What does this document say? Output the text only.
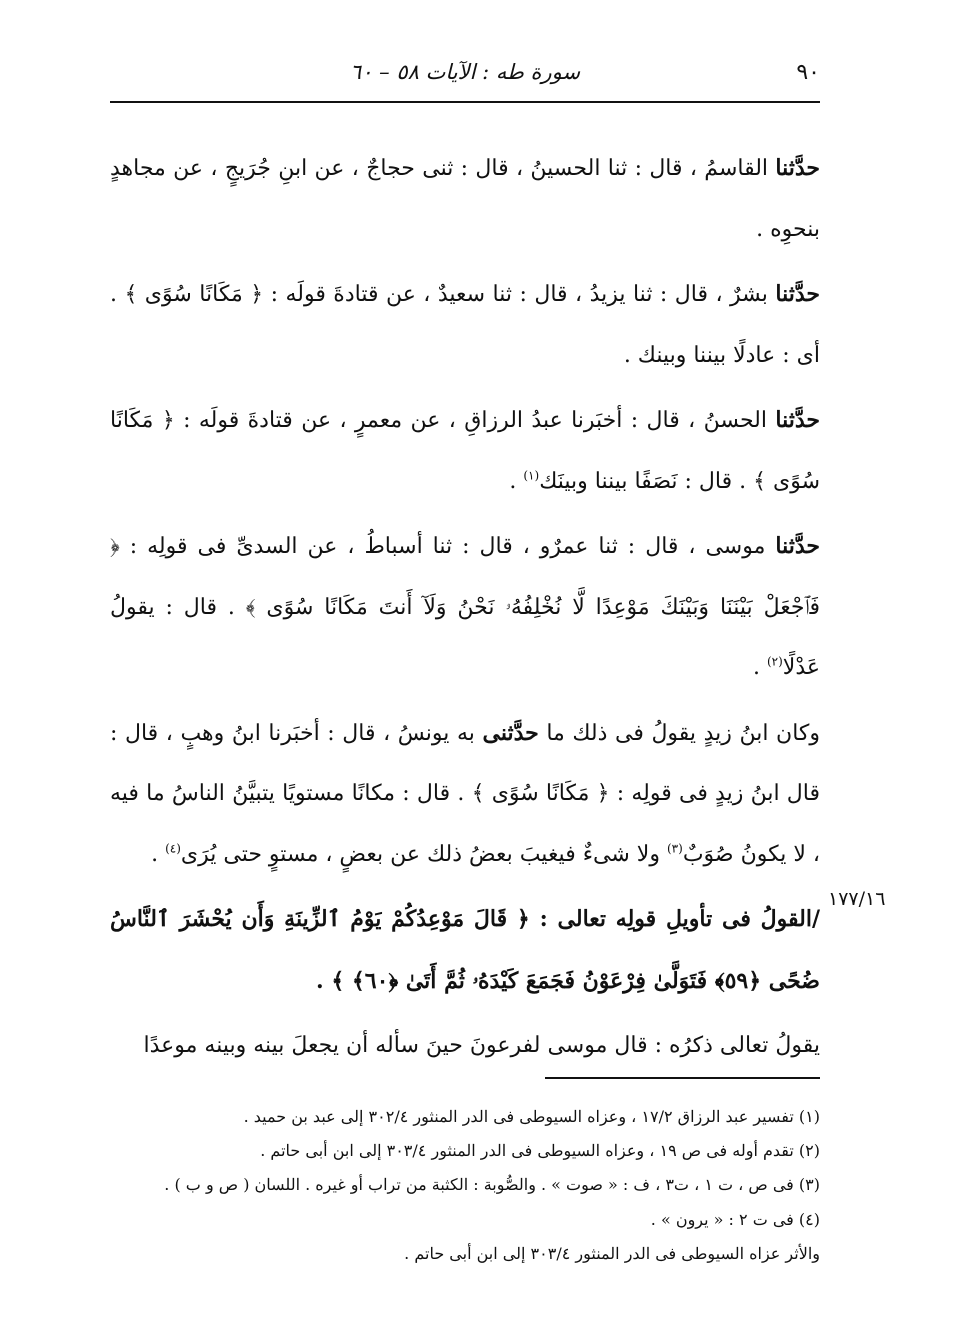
٩٠
سورة طه : الآيات ٥٨ – ٦٠
١٧٧/١٦

حدَّثنا القاسمُ ، قال : ثنا الحسينُ ، قال : ثنى حجاجٌ ، عن ابنِ جُرَيجٍ ، عن مجاهدٍ بنحوِه .

حدَّثنا بشرٌ ، قال : ثنا يزيدُ ، قال : ثنا سعيدٌ ، عن قتادةَ قولَه : ﴿ مَكَانًا سُوًى ﴾ . أى : عادلًا بيننا وبينك .

حدَّثنا الحسنُ ، قال : أخبَرنا عبدُ الرزاقِ ، عن معمرٍ ، عن قتادةَ قولَه : ﴿ مَكَانًا سُوًى ﴾ . قال : نَصَفًا بيننا وبينَك$^{(١)}$ .

حدَّثنا موسى ، قال : ثنا عمرٌو ، قال : ثنا أسباطُ ، عن السدىِّ فى قولِه : ﴿ فَٱجْعَلْ بَيْنَنَا وَبَيْنَكَ مَوْعِدًا لَّا نُخْلِفُهُۥ نَحْنُ وَلَآ أَنتَ مَكَانًا سُوًى ﴾ . قال : يقولُ عَدْلًا$^{(٢)}$ .

وكان ابنُ زيدٍ يقولُ فى ذلك ما حدَّثنى به يونسُ ، قال : أخبَرنا ابنُ وهبٍ ، قال : قال ابنُ زيدٍ فى قولِه : ﴿ مَكَانًا سُوًى ﴾ . قال : مكانًا مستويًا يتبيَّنُ الناسُ ما فيه ، لا يكونُ صُوَبٌ$^{(٣)}$ ولا شىءٌ فيغيبَ بعضُ ذلك عن بعضٍ ، مستوٍ حتى يُرَى$^{(٤)}$ .

/القولُ فى تأويلِ قولِه تعالى : ﴿ قَالَ مَوْعِدُكُمْ يَوْمُ ٱلزِّينَةِ وَأَن يُحْشَرَ ٱلنَّاسُ ضُحًى ﴿٥٩﴾ فَتَوَلَّىٰ فِرْعَوْنُ فَجَمَعَ كَيْدَهُۥ ثُمَّ أَتَىٰ ﴿٦٠﴾ ﴾ .

يقولُ تعالى ذكرُه : قال موسى لفرعونَ حينَ سأله أن يجعلَ بينه وبينه موعدًا

(١) تفسير عبد الرزاق ١٧/٢ ، وعزاه السيوطى فى الدر المنثور ٣٠٢/٤ إلى عبد بن حميد .

(٢) تقدم أوله فى ص ١٩ ، وعزاه السيوطى فى الدر المنثور ٣٠٣/٤ إلى ابن أبى حاتم .

(٣) فى ص ، ت ١ ، ت٣ ، ف : « صوت » . والصُّوبة : الكثبة من تراب أو غيره . اللسان ( ص و ب ) .

(٤) فى ت ٢ : « يرون » .

والأثر عزاه السيوطى فى الدر المنثور ٣٠٣/٤ إلى ابن أبى حاتم .
